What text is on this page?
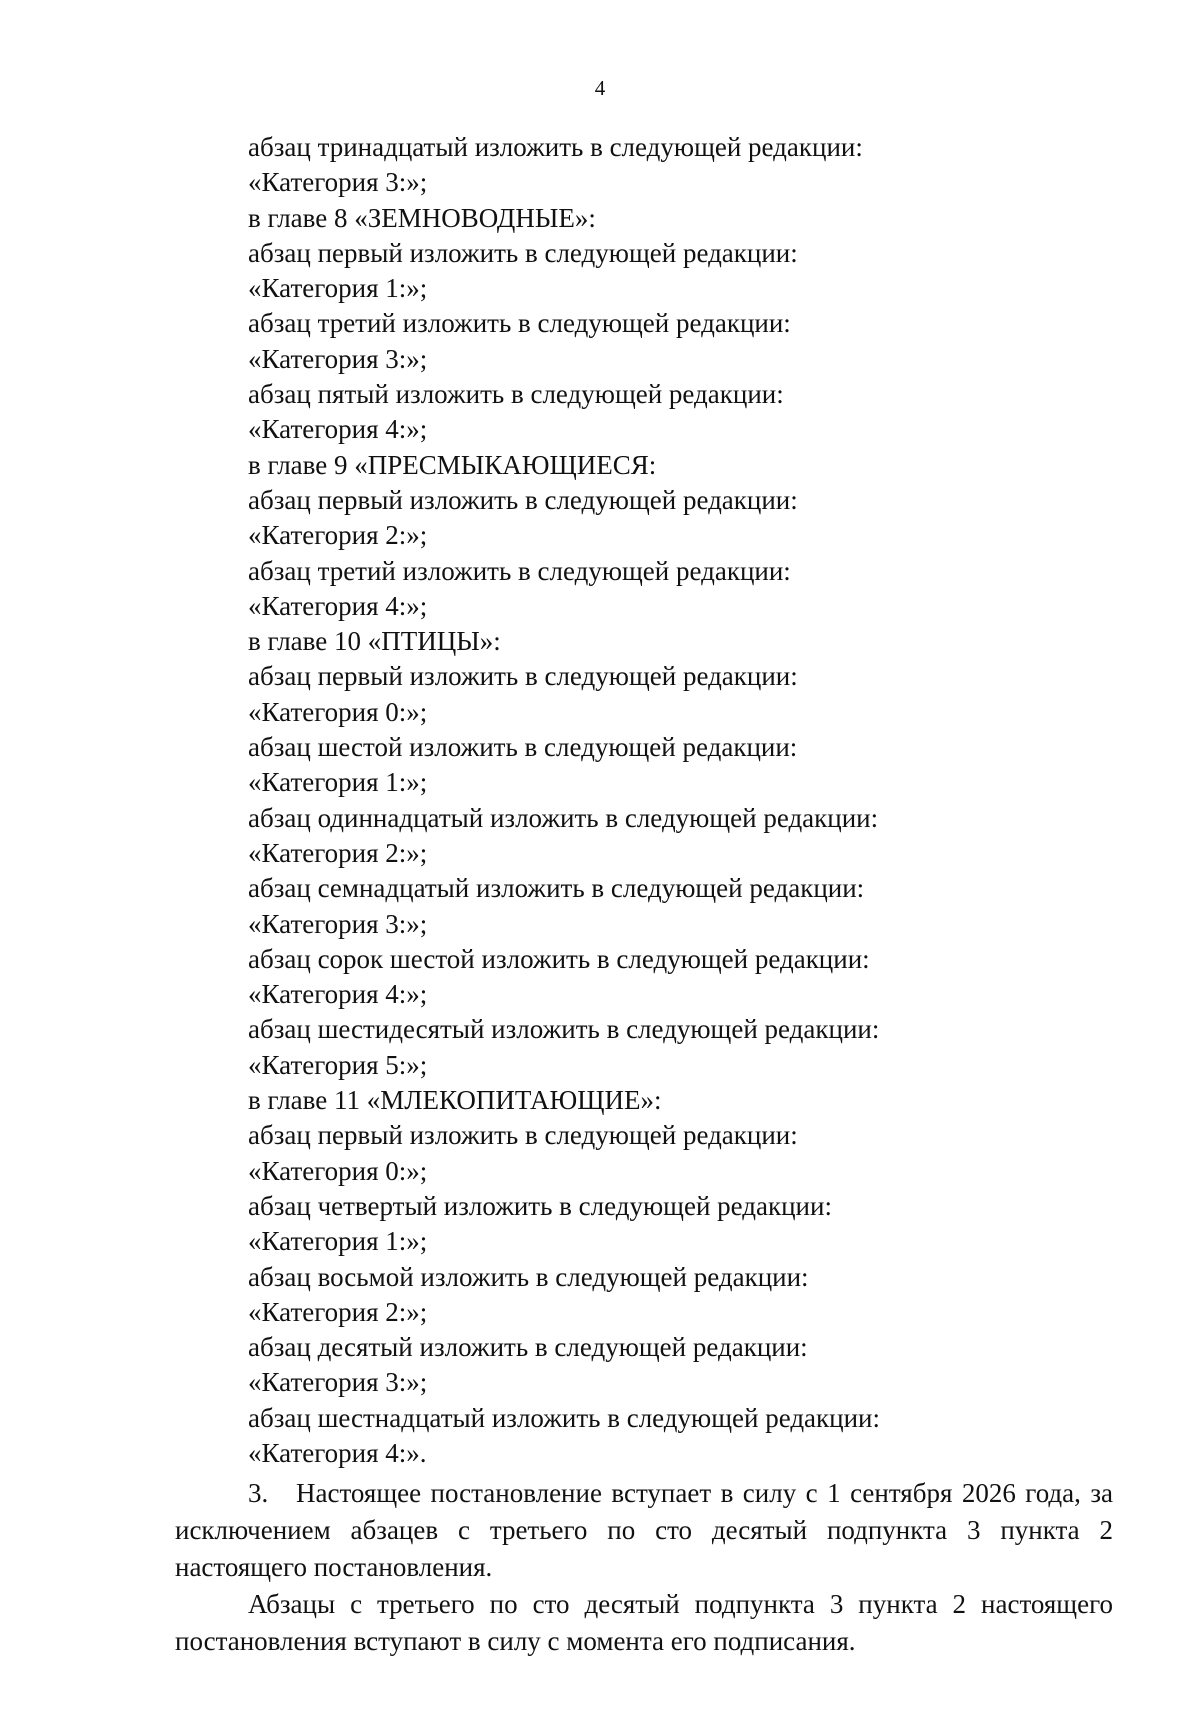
4
абзац тринадцатый изложить в следующей редакции:
«Категория 3:»;
в главе 8 «ЗЕМНОВОДНЫЕ»:
абзац первый изложить в следующей редакции:
«Категория 1:»;
абзац третий изложить в следующей редакции:
«Категория 3:»;
абзац пятый изложить в следующей редакции:
«Категория 4:»;
в главе 9 «ПРЕСМЫКАЮЩИЕСЯ:
абзац первый изложить в следующей редакции:
«Категория 2:»;
абзац третий изложить в следующей редакции:
«Категория 4:»;
в главе 10 «ПТИЦЫ»:
абзац первый изложить в следующей редакции:
«Категория 0:»;
абзац шестой изложить в следующей редакции:
«Категория 1:»;
абзац одиннадцатый изложить в следующей редакции:
«Категория 2:»;
абзац семнадцатый изложить в следующей редакции:
«Категория 3:»;
абзац сорок шестой изложить в следующей редакции:
«Категория 4:»;
абзац шестидесятый изложить в следующей редакции:
«Категория 5:»;
в главе 11 «МЛЕКОПИТАЮЩИЕ»:
абзац первый изложить в следующей редакции:
«Категория 0:»;
абзац четвертый изложить в следующей редакции:
«Категория 1:»;
абзац восьмой изложить в следующей редакции:
«Категория 2:»;
абзац десятый изложить в следующей редакции:
«Категория 3:»;
абзац шестнадцатый изложить в следующей редакции:
«Категория 4:».

3. Настоящее постановление вступает в силу с 1 сентября 2026 года, за исключением абзацев с третьего по сто десятый подпункта 3 пункта 2 настоящего постановления.

Абзацы с третьего по сто десятый подпункта 3 пункта 2 настоящего постановления вступают в силу с момента его подписания.
